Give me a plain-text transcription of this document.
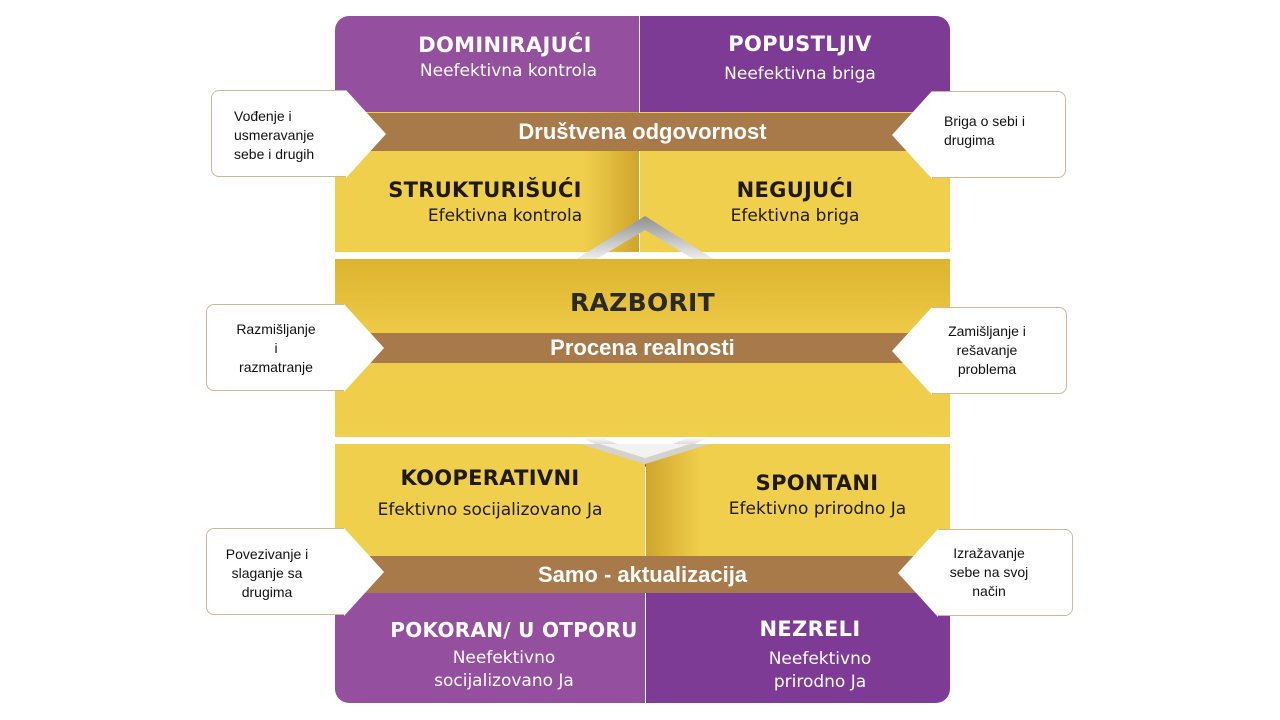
DOMINIRAJUĆI
Neefektivna kontrola
POPUSTLJIV
Neefektivna briga
STRUKTURIŠUĆI
Efektivna kontrola
NEGUJUĆI
Efektivna briga
Društvena odgovornost
RAZBORIT
Procena realnosti
KOOPERATIVNI
Efektivno socijalizovano Ja
SPONTANI
Efektivno prirodno Ja
Samo - aktualizacija
POKORAN/ U OTPORU
Neefektivno
socijalizovano Ja
NEZRELI
Neefektivno
prirodno Ja
Vođenje i
usmeravanje
sebe i drugih
Briga o sebi i
drugima
Razmišljanje
i
razmatranje
Zamišljanje i
rešavanje
problema
Povezivanje i
slaganje sa
drugima
Izražavanje
sebe na svoj
način
